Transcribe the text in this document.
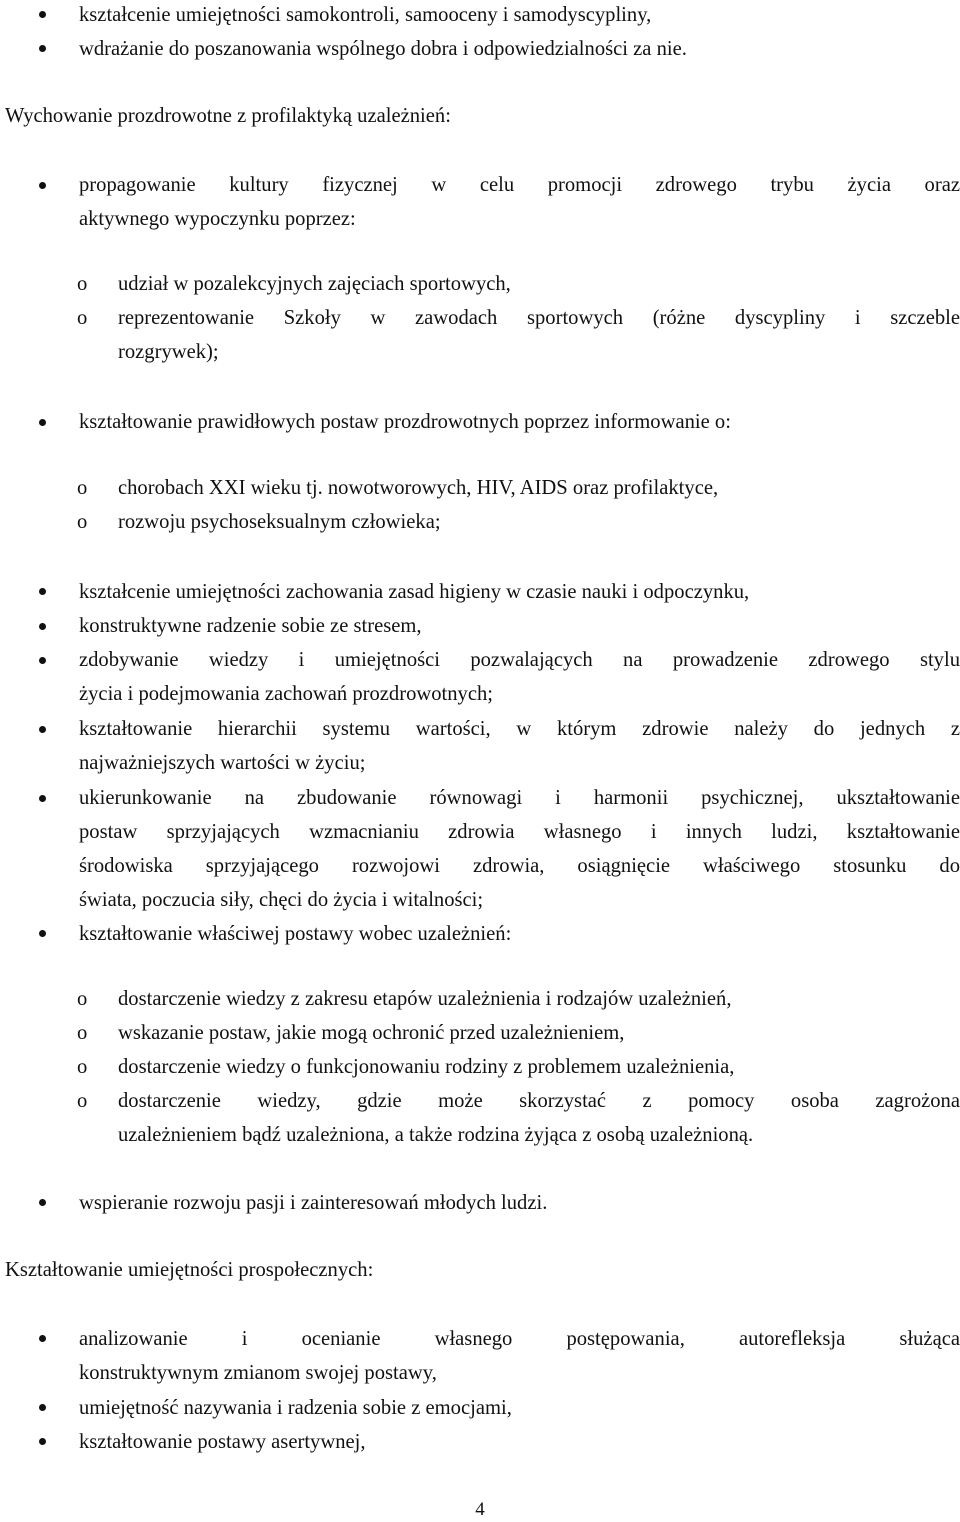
o
o
o
o
o
o
o
o
kształcenie umiejętności samokontroli, samooceny i samodyscypliny,
wdrażanie do poszanowania wspólnego dobra i odpowiedzialności za nie.
Wychowanie prozdrowotne z profilaktyką uzależnień:
propagowanie kultury fizycznej w celu promocji zdrowego trybu życia oraz
aktywnego wypoczynku poprzez:
udział w pozalekcyjnych zajęciach sportowych,
reprezentowanie Szkoły w zawodach sportowych (różne dyscypliny i szczeble
rozgrywek);
kształtowanie prawidłowych postaw prozdrowotnych poprzez informowanie o:
chorobach XXI wieku tj. nowotworowych, HIV, AIDS oraz profilaktyce,
rozwoju psychoseksualnym człowieka;
kształcenie umiejętności zachowania zasad higieny w czasie nauki i odpoczynku,
konstruktywne radzenie sobie ze stresem,
zdobywanie wiedzy i umiejętności pozwalających na prowadzenie zdrowego stylu
życia i podejmowania zachowań prozdrowotnych;
kształtowanie hierarchii systemu wartości, w którym zdrowie należy do jednych z
najważniejszych wartości w życiu;
ukierunkowanie na zbudowanie równowagi i harmonii psychicznej, ukształtowanie
postaw sprzyjających wzmacnianiu zdrowia własnego i innych ludzi, kształtowanie
środowiska sprzyjającego rozwojowi zdrowia, osiągnięcie właściwego stosunku do
świata, poczucia siły, chęci do życia i witalności;
kształtowanie właściwej postawy wobec uzależnień:
dostarczenie wiedzy z zakresu etapów uzależnienia i rodzajów uzależnień,
wskazanie postaw, jakie mogą ochronić przed uzależnieniem,
dostarczenie wiedzy o funkcjonowaniu rodziny z problemem uzależnienia,
dostarczenie wiedzy, gdzie może skorzystać z pomocy osoba zagrożona
uzależnieniem bądź uzależniona, a także rodzina żyjąca z osobą uzależnioną.
wspieranie rozwoju pasji i zainteresowań młodych ludzi.
Kształtowanie umiejętności prospołecznych:
analizowanie i ocenianie własnego postępowania, autorefleksja służąca
konstruktywnym zmianom swojej postawy,
umiejętność nazywania i radzenia sobie z emocjami,
kształtowanie postawy asertywnej,
4
